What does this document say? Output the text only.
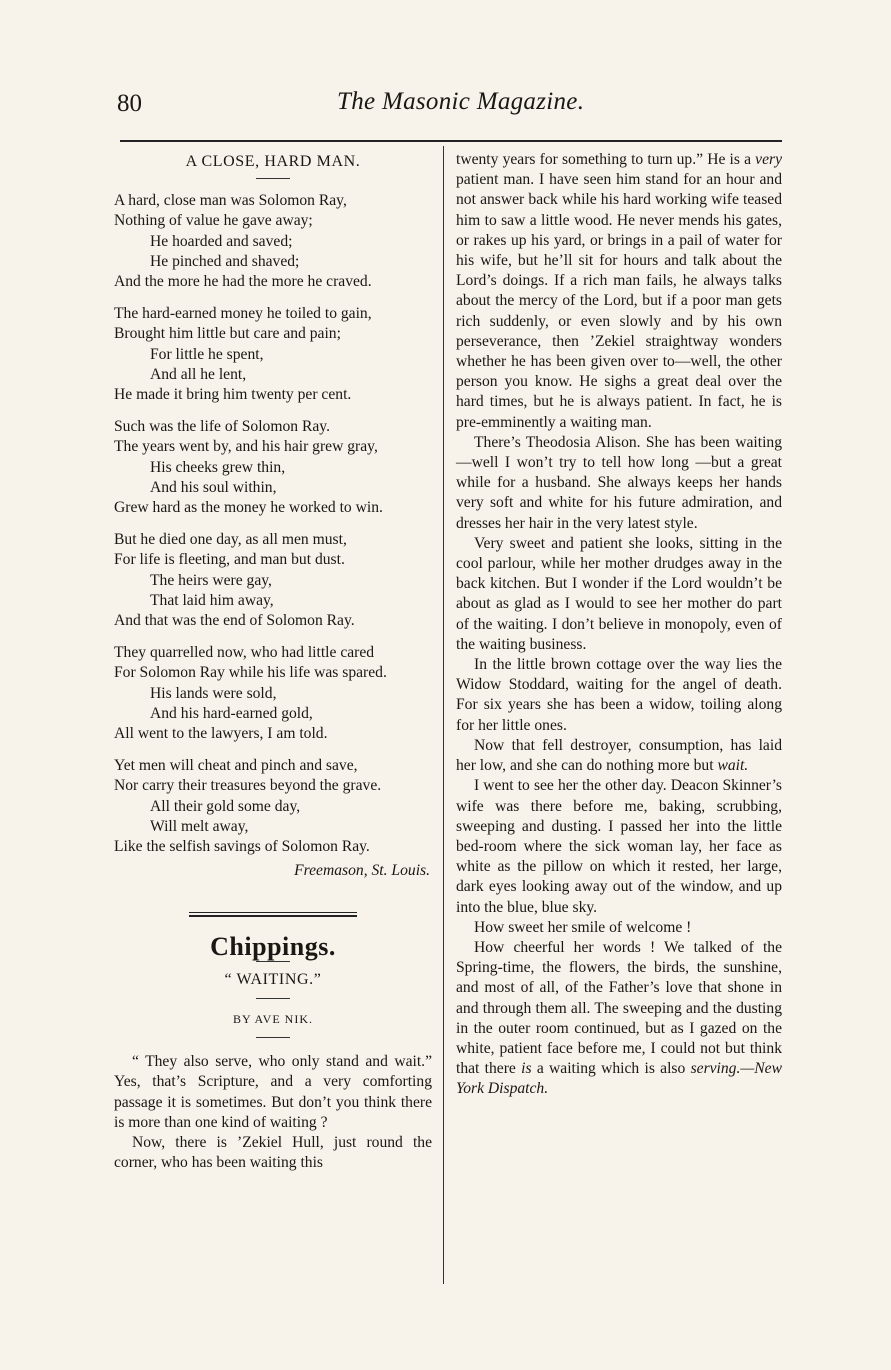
80	The Masonic Magazine.
A CLOSE, HARD MAN.
A hard, close man was Solomon Ray,
Nothing of value he gave away;
He hoarded and saved;
He pinched and shaved;
And the more he had the more he craved.
The hard-earned money he toiled to gain,
Brought him little but care and pain;
For little he spent,
And all he lent,
He made it bring him twenty per cent.
Such was the life of Solomon Ray.
The years went by, and his hair grew gray,
His cheeks grew thin,
And his soul within,
Grew hard as the money he worked to win.
But he died one day, as all men must,
For life is fleeting, and man but dust.
The heirs were gay,
That laid him away,
And that was the end of Solomon Ray.
They quarrelled now, who had little cared
For Solomon Ray while his life was spared.
His lands were sold,
And his hard-earned gold,
All went to the lawyers, I am told.
Yet men will cheat and pinch and save,
Nor carry their treasures beyond the grave.
All their gold some day,
Will melt away,
Like the selfish savings of Solomon Ray.
Freemason, St. Louis.
Chippings.
“ WAITING.”
BY AVE NIK.

“ They also serve, who only stand and wait.” Yes, that’s Scripture, and a very comforting passage it is sometimes. But don’t you think there is more than one kind of waiting ?

Now, there is ’Zekiel Hull, just round the corner, who has been waiting this

twenty years for something to turn up.” He is a very patient man. I have seen him stand for an hour and not answer back while his hard working wife teased him to saw a little wood. He never mends his gates, or rakes up his yard, or brings in a pail of water for his wife, but he’ll sit for hours and talk about the Lord’s doings. If a rich man fails, he always talks about the mercy of the Lord, but if a poor man gets rich suddenly, or even slowly and by his own perseverance, then ’Zekiel straightway wonders whether he has been given over to—well, the other person you know. He sighs a great deal over the hard times, but he is always patient. In fact, he is pre-emminently a waiting man.

There’s Theodosia Alison. She has been waiting—well I won’t try to tell how long —but a great while for a husband. She always keeps her hands very soft and white for his future admiration, and dresses her hair in the very latest style.

Very sweet and patient she looks, sitting in the cool parlour, while her mother drudges away in the back kitchen. But I wonder if the Lord wouldn’t be about as glad as I would to see her mother do part of the waiting. I don’t believe in monopoly, even of the waiting business.

In the little brown cottage over the way lies the Widow Stoddard, waiting for the angel of death. For six years she has been a widow, toiling along for her little ones.

Now that fell destroyer, consumption, has laid her low, and she can do nothing more but wait.

I went to see her the other day. Deacon Skinner’s wife was there before me, baking, scrubbing, sweeping and dusting. I passed her into the little bed-room where the sick woman lay, her face as white as the pillow on which it rested, her large, dark eyes looking away out of the window, and up into the blue, blue sky.

How sweet her smile of welcome !

How cheerful her words ! We talked of the Spring-time, the flowers, the birds, the sunshine, and most of all, of the Father’s love that shone in and through them all. The sweeping and the dusting in the outer room continued, but as I gazed on the white, patient face before me, I could not but think that there is a waiting which is also serving.—New York Dispatch.
